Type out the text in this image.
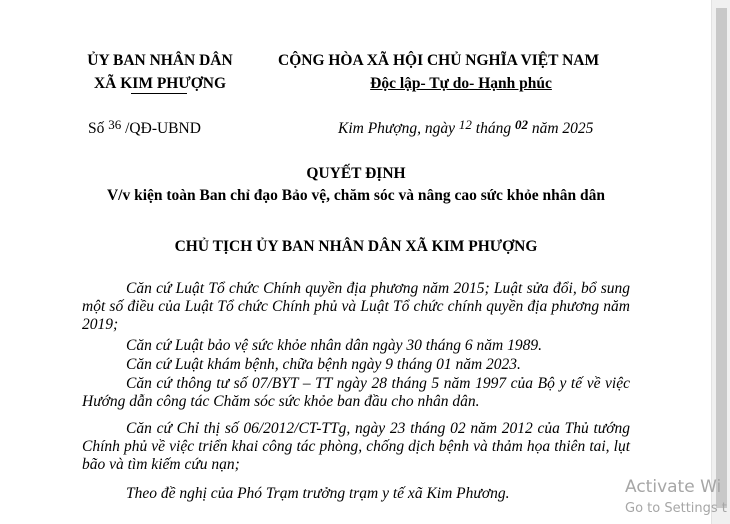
ỦY BAN NHÂN DÂN
XÃ KIM PHƯỢNG
CỘNG HÒA XÃ HỘI CHỦ NGHĨA VIỆT NAM
Độc lập- Tự do- Hạnh phúc
Số $^{36}$ /QĐ-UBND	Kim Phượng, ngày $^{12}$ tháng $^{02}$ năm 2025
QUYẾT ĐỊNH
V/v kiện toàn Ban chỉ đạo Bảo vệ, chăm sóc và nâng cao sức khỏe nhân dân
CHỦ TỊCH ỦY BAN NHÂN DÂN XÃ KIM PHƯỢNG

Căn cứ Luật Tổ chức Chính quyền địa phương năm 2015; Luật sửa đổi, bổ sung một số điều của Luật Tổ chức Chính phủ và Luật Tổ chức chính quyền địa phương năm 2019;

Căn cứ Luật bảo vệ sức khỏe nhân dân ngày 30 tháng 6 năm 1989.

Căn cứ Luật khám bệnh, chữa bệnh ngày 9 tháng 01 năm 2023.

Căn cứ thông tư số 07/BYT – TT ngày 28 tháng 5 năm 1997 của Bộ y tế về việc Hướng dẫn công tác Chăm sóc sức khỏe ban đầu cho nhân dân.

Căn cứ Chỉ thị số 06/2012/CT-TTg, ngày 23 tháng 02 năm 2012 của Thủ tướng Chính phủ về việc triển khai công tác phòng, chống dịch bệnh và thảm họa thiên tai, lụt bão và tìm kiếm cứu nạn;

Theo đề nghị của Phó Trạm trưởng trạm y tế xã Kim Phương.	Activate Wi
Go to Settings t
